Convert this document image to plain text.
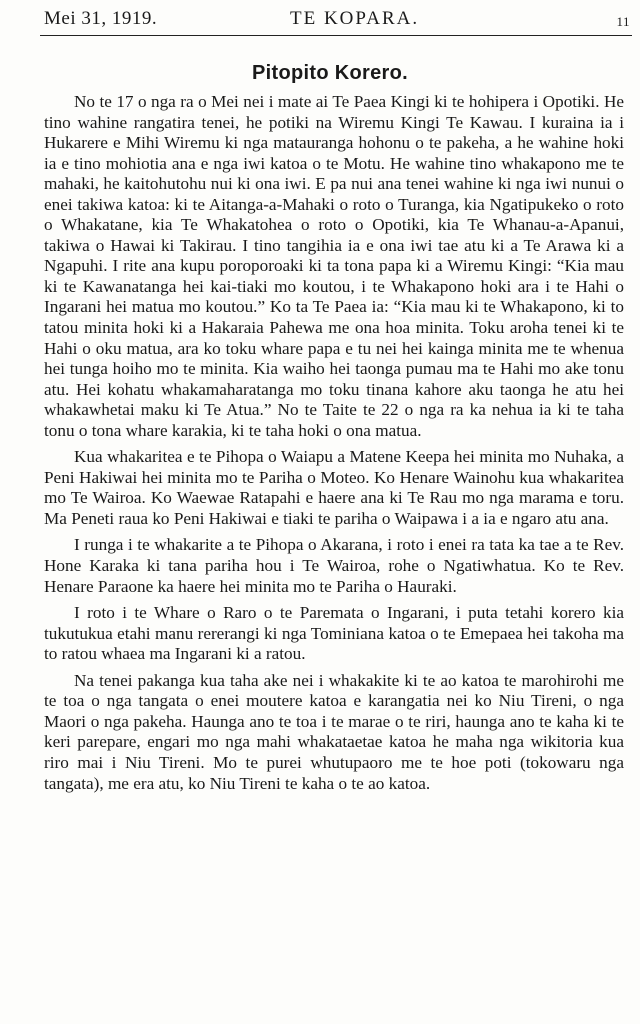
Mei 31, 1919.	TE KOPARA.	11
Pitopito Korero.

No te 17 o nga ra o Mei nei i mate ai Te Paea Kingi ki te hohipera i Opotiki. He tino wahine rangatira tenei, he potiki na Wiremu Kingi Te Kawau. I kuraina ia i Hukarere e Mihi Wiremu ki nga matauranga hohonu o te pakeha, a he wahine hoki ia e tino mohiotia ana e nga iwi katoa o te Motu. He wahine tino whakapono me te mahaki, he kaitohutohu nui ki ona iwi. E pa nui ana tenei wahine ki nga iwi nunui o enei takiwa katoa: ki te Aitanga-a-Mahaki o roto o Turanga, kia Ngatipukeko o roto o Whakatane, kia Te Whakatohea o roto o Opotiki, kia Te Whanau-a-Apanui, takiwa o Hawai ki Takirau. I tino tangihia ia e ona iwi tae atu ki a Te Arawa ki a Ngapuhi. I rite ana kupu poroporoaki ki ta tona papa ki a Wiremu Kingi: “Kia mau ki te Kawanatanga hei kai-tiaki mo koutou, i te Whakapono hoki ara i te Hahi o Ingarani hei matua mo koutou.” Ko ta Te Paea ia: “Kia mau ki te Whakapono, ki to tatou minita hoki ki a Hakaraia Pahewa me ona hoa minita. Toku aroha tenei ki te Hahi o oku matua, ara ko toku whare papa e tu nei hei kainga minita me te whenua hei tunga hoiho mo te minita. Kia waiho hei taonga pumau ma te Hahi mo ake tonu atu. Hei kohatu whakamaharatanga mo toku tinana kahore aku taonga he atu hei whakawhetai maku ki Te Atua.” No te Taite te 22 o nga ra ka nehua ia ki te taha tonu o tona whare karakia, ki te taha hoki o ona matua.

Kua whakaritea e te Pihopa o Waiapu a Matene Keepa hei minita mo Nuhaka, a Peni Hakiwai hei minita mo te Pariha o Moteo. Ko Henare Wainohu kua whakaritea mo Te Wairoa. Ko Waewae Ratapahi e haere ana ki Te Rau mo nga marama e toru. Ma Peneti raua ko Peni Hakiwai e tiaki te pariha o Waipawa i a ia e ngaro atu ana.

I runga i te whakarite a te Pihopa o Akarana, i roto i enei ra tata ka tae a te Rev. Hone Karaka ki tana pariha hou i Te Wairoa, rohe o Ngatiwhatua. Ko te Rev. Henare Paraone ka haere hei minita mo te Pariha o Hauraki.

I roto i te Whare o Raro o te Paremata o Ingarani, i puta tetahi korero kia tukutukua etahi manu rererangi ki nga Tominiana katoa o te Emepaea hei takoha ma to ratou whaea ma Ingarani ki a ratou.

Na tenei pakanga kua taha ake nei i whakakite ki te ao katoa te marohirohi me te toa o nga tangata o enei moutere katoa e karangatia nei ko Niu Tireni, o nga Maori o nga pakeha. Haunga ano te toa i te marae o te riri, haunga ano te kaha ki te keri parepare, engari mo nga mahi whakataetae katoa he maha nga wikitoria kua riro mai i Niu Tireni. Mo te purei whutupaoro me te hoe poti (tokowaru nga tangata), me era atu, ko Niu Tireni te kaha o te ao katoa.
